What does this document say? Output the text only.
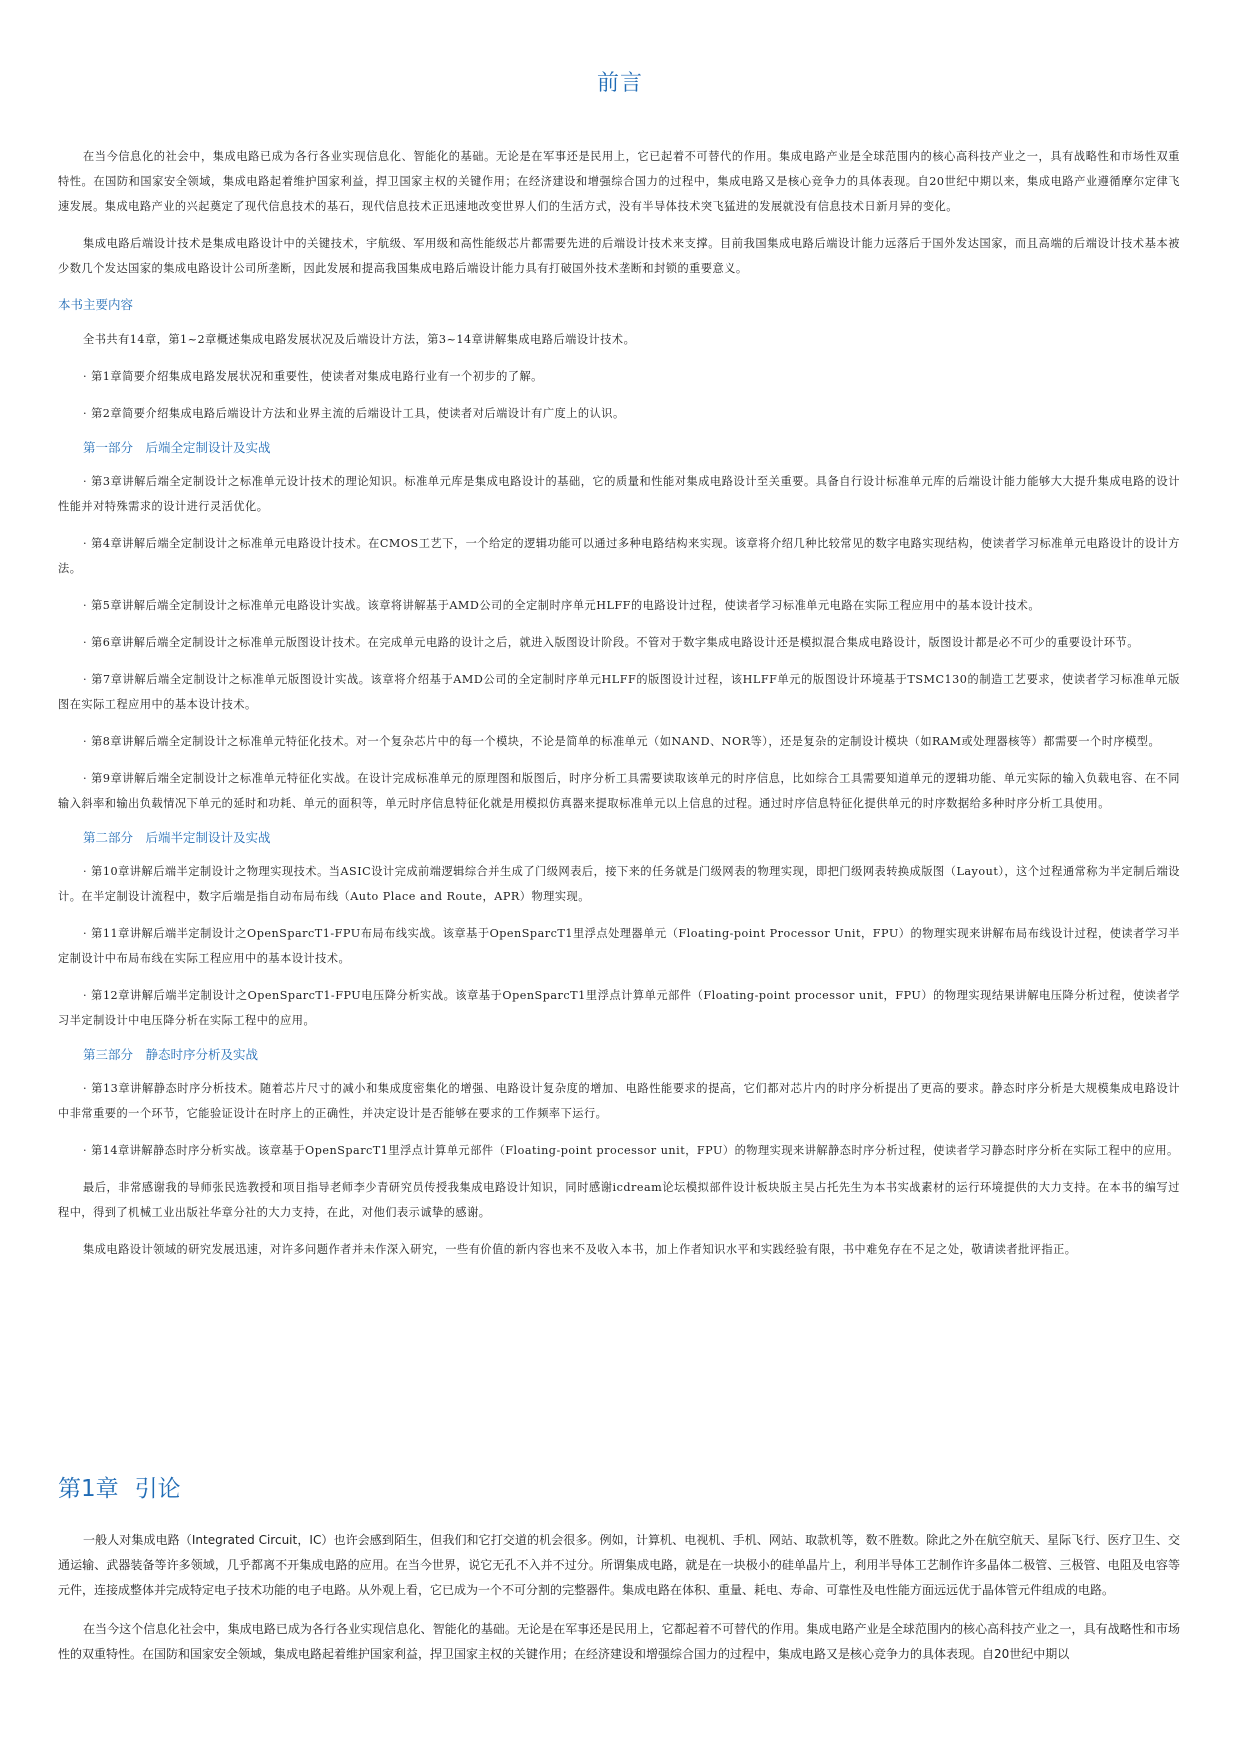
前言

在当今信息化的社会中，集成电路已成为各行各业实现信息化、智能化的基础。无论是在军事还是民用上，它已起着不可替代的作用。集成电路产业是全球范围内的核心高科技产业之一，具有战略性和市场性双重特性。在国防和国家安全领域，集成电路起着维护国家利益，捍卫国家主权的关键作用；在经济建设和增强综合国力的过程中，集成电路又是核心竞争力的具体表现。自20世纪中期以来，集成电路产业遵循摩尔定律飞速发展。集成电路产业的兴起奠定了现代信息技术的基石，现代信息技术正迅速地改变世界人们的生活方式，没有半导体技术突飞猛进的发展就没有信息技术日新月异的变化。

集成电路后端设计技术是集成电路设计中的关键技术，宇航级、军用级和高性能级芯片都需要先进的后端设计技术来支撑。目前我国集成电路后端设计能力远落后于国外发达国家，而且高端的后端设计技术基本被少数几个发达国家的集成电路设计公司所垄断，因此发展和提高我国集成电路后端设计能力具有打破国外技术垄断和封锁的重要意义。

本书主要内容

全书共有14章，第1~2章概述集成电路发展状况及后端设计方法，第3~14章讲解集成电路后端设计技术。

· 第1章简要介绍集成电路发展状况和重要性，使读者对集成电路行业有一个初步的了解。

· 第2章简要介绍集成电路后端设计方法和业界主流的后端设计工具，使读者对后端设计有广度上的认识。

第一部分　后端全定制设计及实战

· 第3章讲解后端全定制设计之标准单元设计技术的理论知识。标准单元库是集成电路设计的基础，它的质量和性能对集成电路设计至关重要。具备自行设计标准单元库的后端设计能力能够大大提升集成电路的设计性能并对特殊需求的设计进行灵活优化。

· 第4章讲解后端全定制设计之标准单元电路设计技术。在CMOS工艺下，一个给定的逻辑功能可以通过多种电路结构来实现。该章将介绍几种比较常见的数字电路实现结构，使读者学习标准单元电路设计的设计方法。

· 第5章讲解后端全定制设计之标准单元电路设计实战。该章将讲解基于AMD公司的全定制时序单元HLFF的电路设计过程，使读者学习标准单元电路在实际工程应用中的基本设计技术。

· 第6章讲解后端全定制设计之标准单元版图设计技术。在完成单元电路的设计之后，就进入版图设计阶段。不管对于数字集成电路设计还是模拟混合集成电路设计，版图设计都是必不可少的重要设计环节。

· 第7章讲解后端全定制设计之标准单元版图设计实战。该章将介绍基于AMD公司的全定制时序单元HLFF的版图设计过程，该HLFF单元的版图设计环境基于TSMC130的制造工艺要求，使读者学习标准单元版图在实际工程应用中的基本设计技术。

· 第8章讲解后端全定制设计之标准单元特征化技术。对一个复杂芯片中的每一个模块，不论是简单的标准单元（如NAND、NOR等），还是复杂的定制设计模块（如RAM或处理器核等）都需要一个时序模型。

· 第9章讲解后端全定制设计之标准单元特征化实战。在设计完成标准单元的原理图和版图后，时序分析工具需要读取该单元的时序信息，比如综合工具需要知道单元的逻辑功能、单元实际的输入负载电容、在不同输入斜率和输出负载情况下单元的延时和功耗、单元的面积等，单元时序信息特征化就是用模拟仿真器来提取标准单元以上信息的过程。通过时序信息特征化提供单元的时序数据给多种时序分析工具使用。

第二部分　后端半定制设计及实战

· 第10章讲解后端半定制设计之物理实现技术。当ASIC设计完成前端逻辑综合并生成了门级网表后，接下来的任务就是门级网表的物理实现，即把门级网表转换成版图（Layout），这个过程通常称为半定制后端设计。在半定制设计流程中，数字后端是指自动布局布线（Auto Place and Route，APR）物理实现。

· 第11章讲解后端半定制设计之OpenSparcT1-FPU布局布线实战。该章基于OpenSparcT1里浮点处理器单元（Floating-point Processor Unit，FPU）的物理实现来讲解布局布线设计过程，使读者学习半定制设计中布局布线在实际工程应用中的基本设计技术。

· 第12章讲解后端半定制设计之OpenSparcT1-FPU电压降分析实战。该章基于OpenSparcT1里浮点计算单元部件（Floating-point processor unit，FPU）的物理实现结果讲解电压降分析过程，使读者学习半定制设计中电压降分析在实际工程中的应用。

第三部分　静态时序分析及实战

· 第13章讲解静态时序分析技术。随着芯片尺寸的减小和集成度密集化的增强、电路设计复杂度的增加、电路性能要求的提高，它们都对芯片内的时序分析提出了更高的要求。静态时序分析是大规模集成电路设计中非常重要的一个环节，它能验证设计在时序上的正确性，并决定设计是否能够在要求的工作频率下运行。

· 第14章讲解静态时序分析实战。该章基于OpenSparcT1里浮点计算单元部件（Floating-point processor unit，FPU）的物理实现来讲解静态时序分析过程，使读者学习静态时序分析在实际工程中的应用。

最后，非常感谢我的导师张民选教授和项目指导老师李少青研究员传授我集成电路设计知识，同时感谢icdream论坛模拟部件设计板块版主吴占托先生为本书实战素材的运行环境提供的大力支持。在本书的编写过程中，得到了机械工业出版社华章分社的大力支持，在此，对他们表示诚挚的感谢。

集成电路设计领域的研究发展迅速，对许多问题作者并未作深入研究，一些有价值的新内容也来不及收入本书，加上作者知识水平和实践经验有限，书中难免存在不足之处，敬请读者批评指正。

第1章 引论

一般人对集成电路（Integrated Circuit，IC）也许会感到陌生，但我们和它打交道的机会很多。例如，计算机、电视机、手机、网站、取款机等，数不胜数。除此之外在航空航天、星际飞行、医疗卫生、交通运输、武器装备等许多领域，几乎都离不开集成电路的应用。在当今世界，说它无孔不入并不过分。所谓集成电路，就是在一块极小的硅单晶片上，利用半导体工艺制作许多晶体二极管、三极管、电阻及电容等元件，连接成整体并完成特定电子技术功能的电子电路。从外观上看，它已成为一个不可分割的完整器件。集成电路在体积、重量、耗电、寿命、可靠性及电性能方面远远优于晶体管元件组成的电路。

在当今这个信息化社会中，集成电路已成为各行各业实现信息化、智能化的基础。无论是在军事还是民用上，它都起着不可替代的作用。集成电路产业是全球范围内的核心高科技产业之一，具有战略性和市场性的双重特性。在国防和国家安全领域，集成电路起着维护国家利益，捍卫国家主权的关键作用；在经济建设和增强综合国力的过程中，集成电路又是核心竞争力的具体表现。自20世纪中期以
